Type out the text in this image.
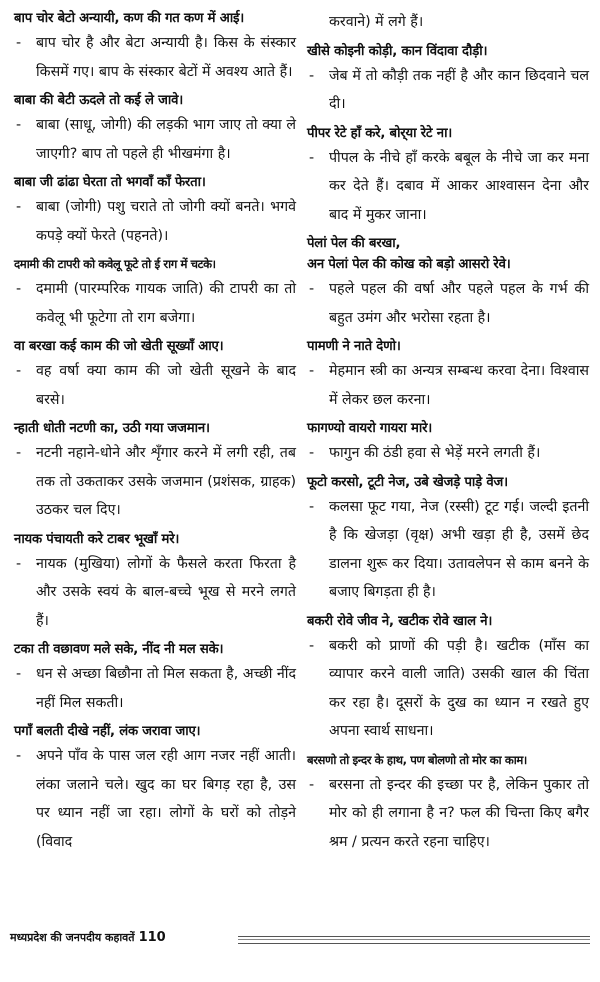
बाप चोर बेटो अन्यायी, कण की गत कण में आई।

- बाप चोर है और बेटा अन्यायी है। किस के संस्कार किसमें गए। बाप के संस्कार बेटों में अवश्य आते हैं।

बाबा की बेटी ऊदले तो कई ले जावे।

- बाबा (साधू, जोगी) की लड़की भाग जाए तो क्या ले जाएगी? बाप तो पहले ही भीखमंगा है।

बाबा जी ढांढा घेरता तो भगवाँ काँ फेरता।

- बाबा (जोगी) पशु चराते तो जोगी क्यों बनते। भगवे कपड़े क्यों फेरते (पहनते)।

दमामी की टापरी को कवेलू फूटे तो ई राग में चटके।

- दमामी (पारम्परिक गायक जाति) की टापरी का तो कवेलू भी फूटेगा तो राग बजेगा।

वा बरखा कई काम की जो खेती सूख्याँ आए।

- वह वर्षा क्या काम की जो खेती सूखने के बाद बरसे।

न्हाती धोती नटणी का, उठी गया जजमान।

- नटनी नहाने-धोने और शृँगार करने में लगी रही, तब तक तो उकताकर उसके जजमान (प्रशंसक, ग्राहक) उठकर चल दिए।

नायक पंचायती करे टाबर भूखाँ मरे।

- नायक (मुखिया) लोगों के फैसले करता फिरता है और उसके स्वयं के बाल-बच्चे भूख से मरने लगते हैं।

टका ती वछावण मले सके, नींद नी मल सके।

- धन से अच्छा बिछौना तो मिल सकता है, अच्छी नींद नहीं मिल सकती।

पगाँ बलती दीखे नहीं, लंक जरावा जाए।

- अपने पाँव के पास जल रही आग नजर नहीं आती। लंका जलाने चले। खुद का घर बिगड़ रहा है, उस पर ध्यान नहीं जा रहा। लोगों के घरों को तोड़ने (विवाद

करवाने) में लगे हैं।

खीसे कोइनी कोड़ी, कान विंदावा दौड़ी।

- जेब में तो कौड़ी तक नहीं है और कान छिदवाने चल दी।

पीपर रेटे हाँ करे, बोर्‌या रेटे ना।

- पीपल के नीचे हाँ करके बबूल के नीचे जा कर मना कर देते हैं। दबाव में आकर आश्वासन देना और बाद में मुकर जाना।

पेलां पेल की बरखा,

अन पेलां पेल की कोख को बड़ो आसरो रेवे।

- पहले पहल की वर्षा और पहले पहल के गर्भ की बहुत उमंग और भरोसा रहता है।

पामणी ने नाते देणो।

- मेहमान स्त्री का अन्यत्र सम्बन्ध करवा देना। विश्वास में लेकर छल करना।

फागण्यो वायरो गायरा मारे।

- फागुन की ठंडी हवा से भेड़ें मरने लगती हैं।

फूटो करसो, टूटी नेज, उबे खेजड़े पाड़े वेज।

- कलसा फूट गया, नेज (रस्सी) टूट गई। जल्दी इतनी है कि खेजड़ा (वृक्ष) अभी खड़ा ही है, उसमें छेद डालना शुरू कर दिया। उतावलेपन से काम बनने के बजाए बिगड़ता ही है।

बकरी रोवे जीव ने, खटीक रोवे खाल ने।

- बकरी को प्राणों की पड़ी है। खटीक (माँस का व्यापार करने वाली जाति) उसकी खाल की चिंता कर रहा है। दूसरों के दुख का ध्यान न रखते हुए अपना स्वार्थ साधना।

बरसणो तो इन्दर के हाथ, पण बोलणो तो मोर का काम।

- बरसना तो इन्दर की इच्छा पर है, लेकिन पुकार तो मोर को ही लगाना है न? फल की चिन्ता किए बगैर श्रम / प्रत्यन करते रहना चाहिए।

मध्यप्रदेश की जनपदीय कहावतें 110
